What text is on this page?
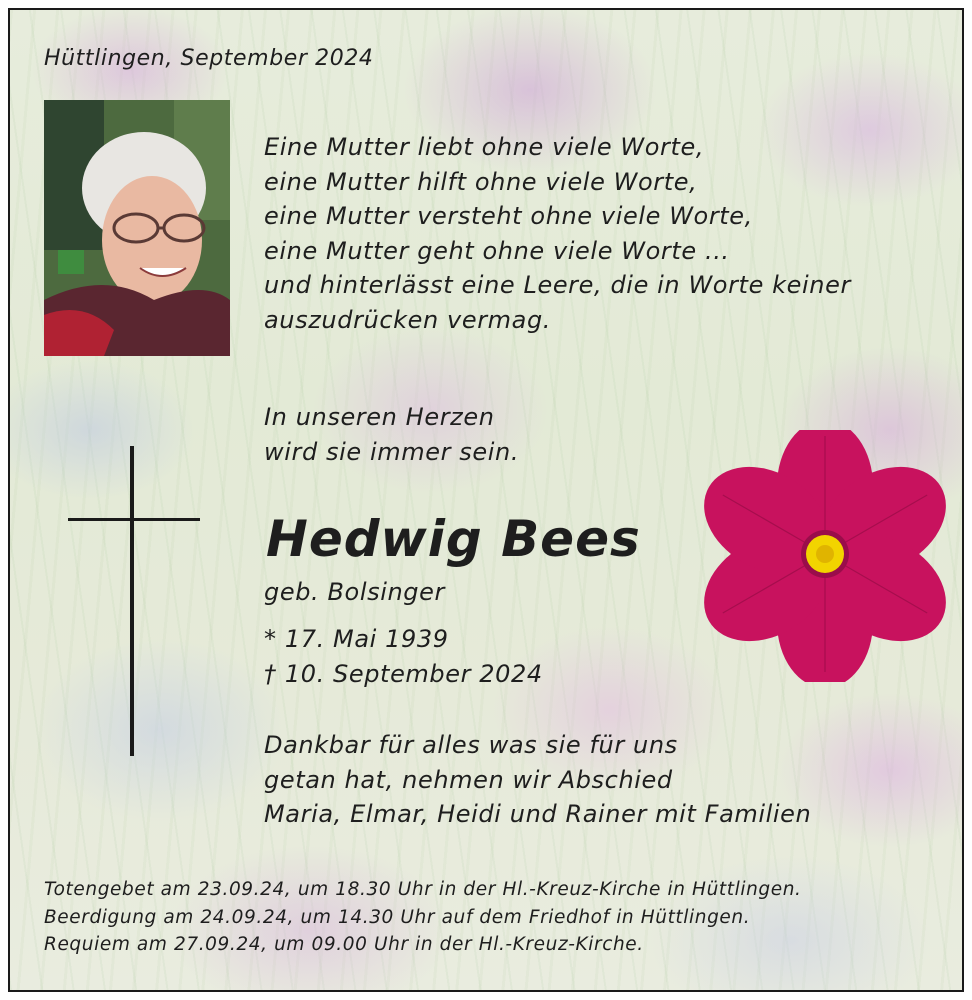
Hüttlingen, September 2024
Eine Mutter liebt ohne viele Worte,
eine Mutter hilft ohne viele Worte,
eine Mutter versteht ohne viele Worte,
eine Mutter geht ohne viele Worte ...
und hinterlässt eine Leere, die in Worte keiner
auszudrücken vermag.
In unseren Herzen
wird sie immer sein.
Hedwig Bees
geb. Bolsinger
* 17. Mai 1939
† 10. September 2024
Dankbar für alles was sie für uns
getan hat, nehmen wir Abschied
Maria, Elmar, Heidi und Rainer mit Familien
Totengebet am 23.09.24, um 18.30 Uhr in der Hl.-Kreuz-Kirche in Hüttlingen.
Beerdigung am 24.09.24, um 14.30 Uhr auf dem Friedhof in Hüttlingen.
Requiem am 27.09.24, um 09.00 Uhr in der Hl.-Kreuz-Kirche.
